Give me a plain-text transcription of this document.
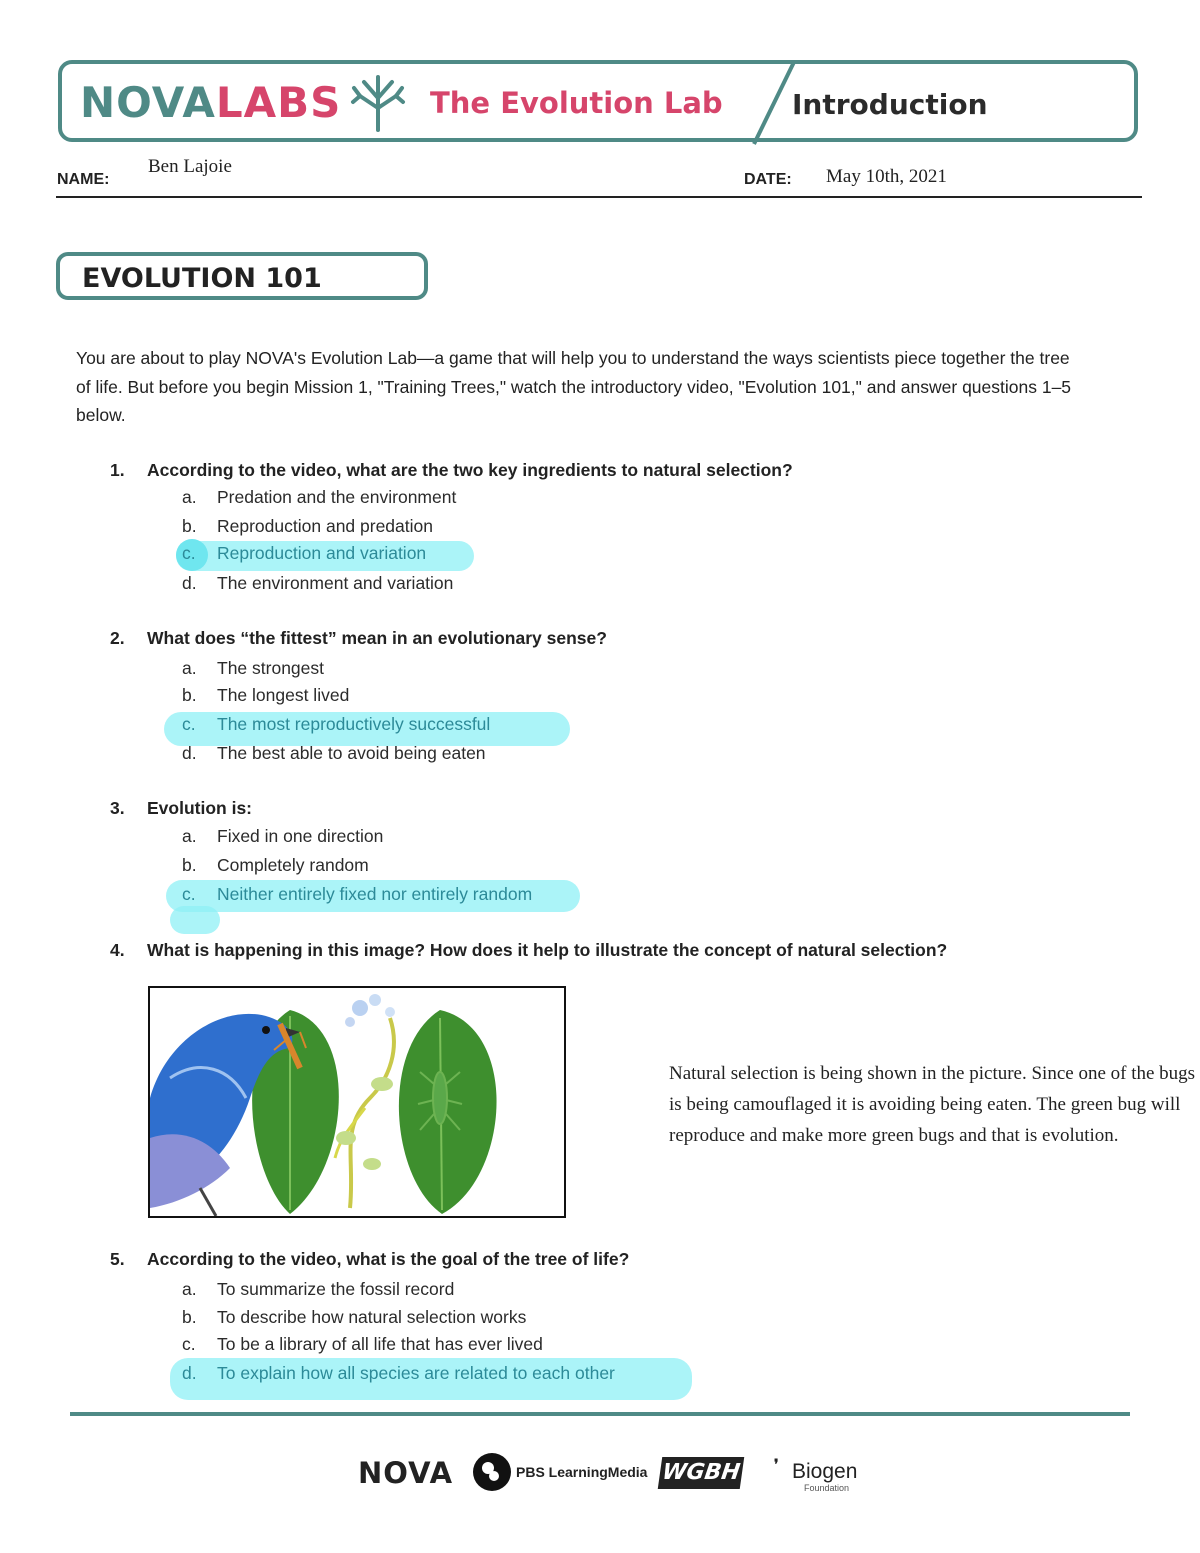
NOVALABS	The Evolution Lab Introduction
NAME:
Ben Lajoie
DATE: May 10th, 2021
EVOLUTION 101
You are about to play NOVA's Evolution Lab—a game that will help you to understand the ways scientists piece together the tree of life. But before you begin Mission 1, "Training Trees," watch the introductory video, "Evolution 101," and answer questions 1–5 below.
1. According to the video, what are the two key ingredients to natural selection?
a. Predation and the environment
b. Reproduction and predation
c. Reproduction and variation
d. The environment and variation
2. What does “the fittest” mean in an evolutionary sense?
a. The strongest
b. The longest lived
c. The most reproductively successful
d. The best able to avoid being eaten
3. Evolution is:
a. Fixed in one direction
b. Completely random
c. Neither entirely fixed nor entirely random
4. What is happening in this image? How does it help to illustrate the concept of natural selection?
Natural selection is being shown in the picture. Since one of the bugs is being camouflaged it is avoiding being eaten. The green bug will reproduce and make more green bugs and that is evolution.
5. According to the video, what is the goal of the tree of life?
a. To summarize the fossil record
b. To describe how natural selection works
c. To be a library of all life that has ever lived
d. To explain how all species are related to each other
NOVA	PBS LearningMedia WGBH ❜ Biogen
Foundation
